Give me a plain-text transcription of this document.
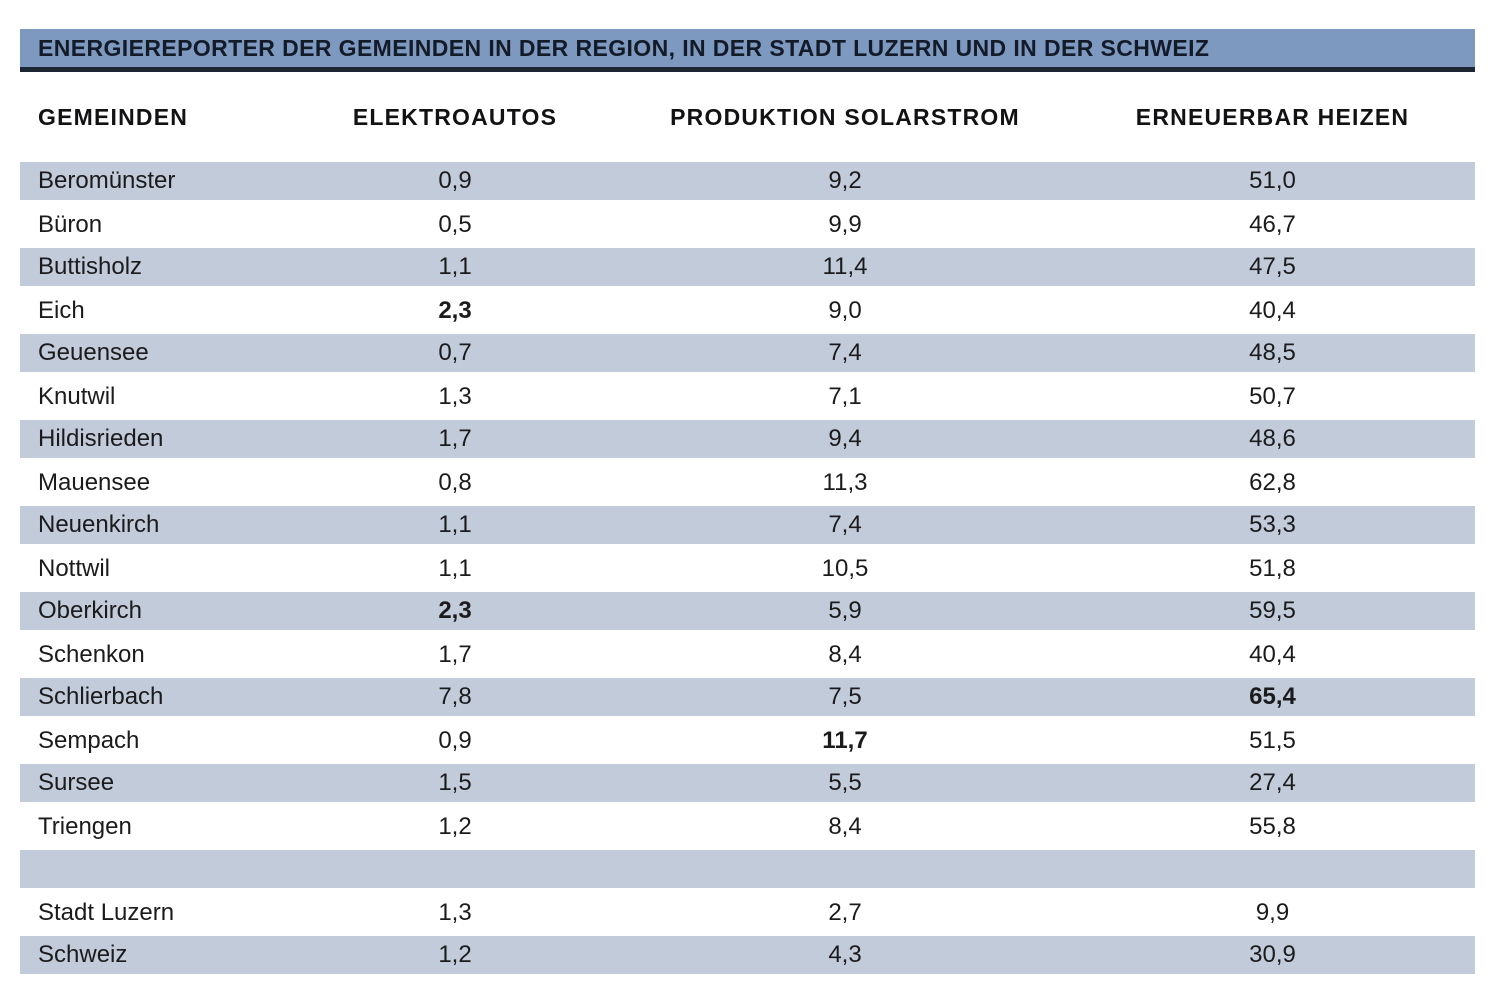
ENERGIEREPORTER DER GEMEINDEN IN DER REGION, IN DER STADT LUZERN UND IN DER SCHWEIZ
GEMEINDEN	ELEKTROAUTOS	PRODUKTION SOLARSTROM	ERNEUERBAR HEIZEN
Beromünster	0,9	9,2	51,0
Büron	0,5	9,9	46,7
Buttisholz	1,1	11,4	47,5
Eich	2,3	9,0	40,4
Geuensee	0,7	7,4	48,5
Knutwil	1,3	7,1	50,7
Hildisrieden	1,7	9,4	48,6
Mauensee	0,8	11,3	62,8
Neuenkirch	1,1	7,4	53,3
Nottwil	1,1	10,5	51,8
Oberkirch	2,3	5,9	59,5
Schenkon	1,7	8,4	40,4
Schlierbach	7,8	7,5	65,4
Sempach	0,9	11,7	51,5
Sursee	1,5	5,5	27,4
Triengen	1,2	8,4	55,8
Stadt Luzern	1,3	2,7	9,9
Schweiz	1,2	4,3	30,9
